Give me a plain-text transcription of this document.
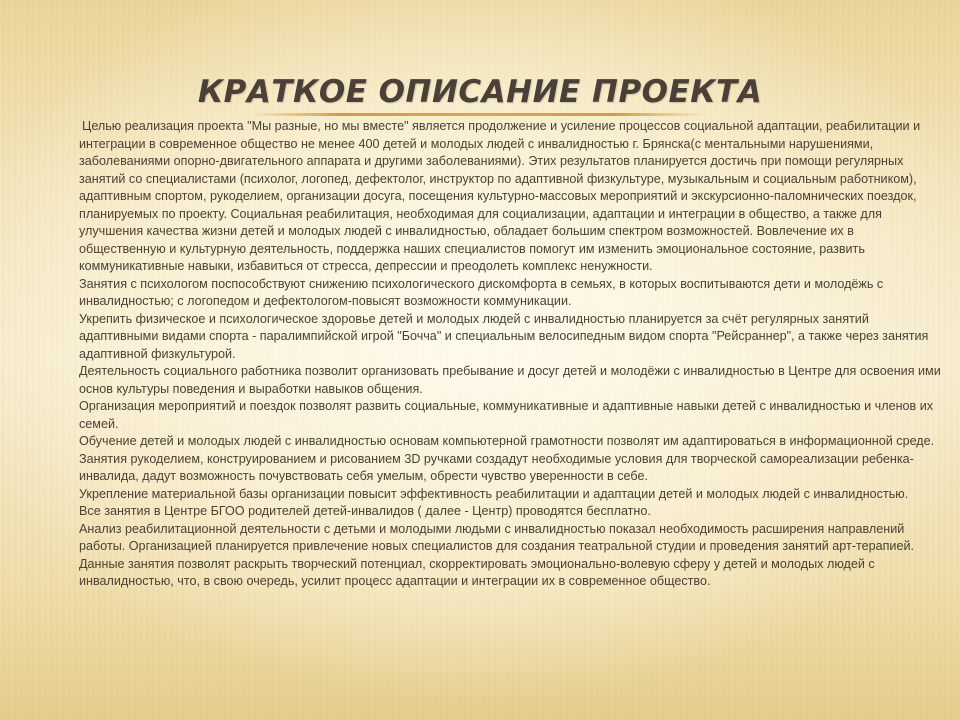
КРАТКОЕ ОПИСАНИЕ ПРОЕКТА

Целью реализация проекта "Мы разные, но мы вместе" является продолжение и усиление процессов социальной адаптации, реабилитации и интеграции в современное общество не менее 400 детей и молодых людей с инвалидностью г. Брянска(с ментальными нарушениями, заболеваниями опорно-двигательного аппарата и другими заболеваниями). Этих результатов планируется достичь при помощи регулярных занятий со специалистами (психолог, логопед, дефектолог, инструктор по адаптивной физкультуре, музыкальным и социальным работником), адаптивным спортом, рукоделием, организации досуга, посещения культурно-массовых мероприятий и экскурсионно-паломнических поездок, планируемых по проекту. Социальная реабилитация, необходимая для социализации, адаптации и интеграции в общество, а также для улучшения качества жизни детей и молодых людей с инвалидностью, обладает большим спектром возможностей. Вовлечение их в общественную и культурную деятельность, поддержка наших специалистов помогут им изменить эмоциональное состояние, развить коммуникативные навыки, избавиться от стресса, депрессии и преодолеть комплекс ненужности.

Занятия с психологом поспособствуют снижению психологического дискомфорта в семьях, в которых воспитываются дети и молодёжь с инвалидностью; с логопедом и дефектологом-повысят возможности коммуникации.

Укрепить физическое и психологическое здоровье детей и молодых людей с инвалидностью планируется за счёт регулярных занятий адаптивными видами спорта - паралимпийской игрой "Бочча" и специальным велосипедным видом спорта "Рейсраннер", а также через занятия адаптивной физкультурой.

Деятельность социального работника позволит организовать пребывание и досуг детей и молодёжи с инвалидностью в Центре для освоения ими основ культуры поведения и выработки навыков общения.

Организация мероприятий и поездок позволят развить социальные, коммуникативные и адаптивные навыки детей с инвалидностью и членов их семей.

Обучение детей и молодых людей с инвалидностью основам компьютерной грамотности позволят им адаптироваться в информационной среде.

Занятия рукоделием, конструированием и рисованием 3D ручками создадут необходимые условия для творческой самореализации ребенка-инвалида, дадут возможность почувствовать себя умелым, обрести чувство уверенности в себе.

Укрепление материальной базы организации повысит эффективность реабилитации и адаптации детей и молодых людей с инвалидностью.

Все занятия в Центре БГОО родителей детей-инвалидов ( далее - Центр) проводятся бесплатно.

Анализ реабилитационной деятельности с детьми и молодыми людьми с инвалидностью показал необходимость расширения направлений работы. Организацией планируется привлечение новых специалистов для создания театральной студии и проведения занятий арт-терапией. Данные занятия позволят раскрыть творческий потенциал, скорректировать эмоционально-волевую сферу у детей и молодых людей с инвалидностью, что, в свою очередь, усилит процесс адаптации и интеграции их в современное общество.
